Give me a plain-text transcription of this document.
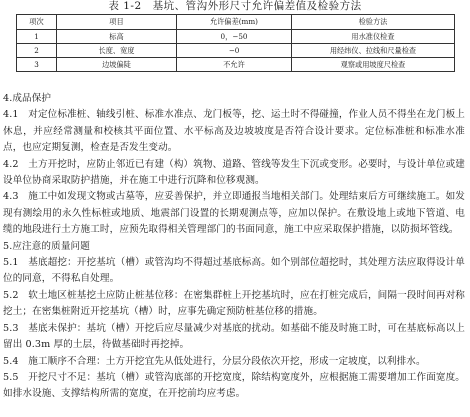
表 1-2　基坑、管沟外形尺寸允许偏差值及检验方法
项次	项目	允许偏差(mm)	检验方法
1	标高	0，−50	用水准仪检查
2	长度、宽度	−0	用经纬仪、拉线和尺量检查
3	边坡偏陡	不允许	观察或用坡度尺检查

4.成品保护

4.1　对定位标准桩、轴线引桩、标准水准点、龙门板等，挖、运土时不得碰撞，作业人员不得坐在龙门板上休息，并应经常测量和校核其平面位置、水平标高及边坡坡度是否符合设计要求。定位标准桩和标准水准点，也应定期复测，检查是否发生变动。

4.2　土方开挖时，应防止邻近已有建（构）筑物、道路、管线等发生下沉或变形。必要时，与设计单位或建设单位协商采取防护措施，并在施工中进行沉降和位移观测。

4.3　施工中如发现文物或古墓等，应妥善保护，并立即通报当地相关部门。处理结束后方可继续施工。如发现有测绘用的永久性标桩或地质、地震部门设置的长期观测点等，应加以保护。在敷设地上或地下管道、电缆的地段进行土方施工时，应预先取得相关管理部门的书面同意，施工中应采取保护措施，以防损坏管线。

5.应注意的质量问题

5.1　基底超挖：开挖基坑（槽）或管沟均不得超过基底标高。如个别部位超挖时，其处理方法应取得设计单位的同意，不得私自处理。

5.2　软土地区桩基挖土应防止桩基位移：在密集群桩上开挖基坑时，应在打桩完成后，间隔一段时间再对称挖土；在密集桩附近开挖基坑（槽）时，应事先确定预防桩基位移的措施。

5.3　基底未保护：基坑（槽）开挖后应尽量减少对基底的扰动。如基础不能及时施工时，可在基底标高以上留出 0.3m 厚的土层，待做基础时再挖掉。

5.4　施工顺序不合理：土方开挖宜先从低处进行，分层分段依次开挖，形成一定坡度，以利排水。

5.5　开挖尺寸不足：基坑（槽）或管沟底部的开挖宽度，除结构宽度外，应根据施工需要增加工作面宽度。如排水设施、支撑结构所需的宽度，在开挖前均应考虑。
